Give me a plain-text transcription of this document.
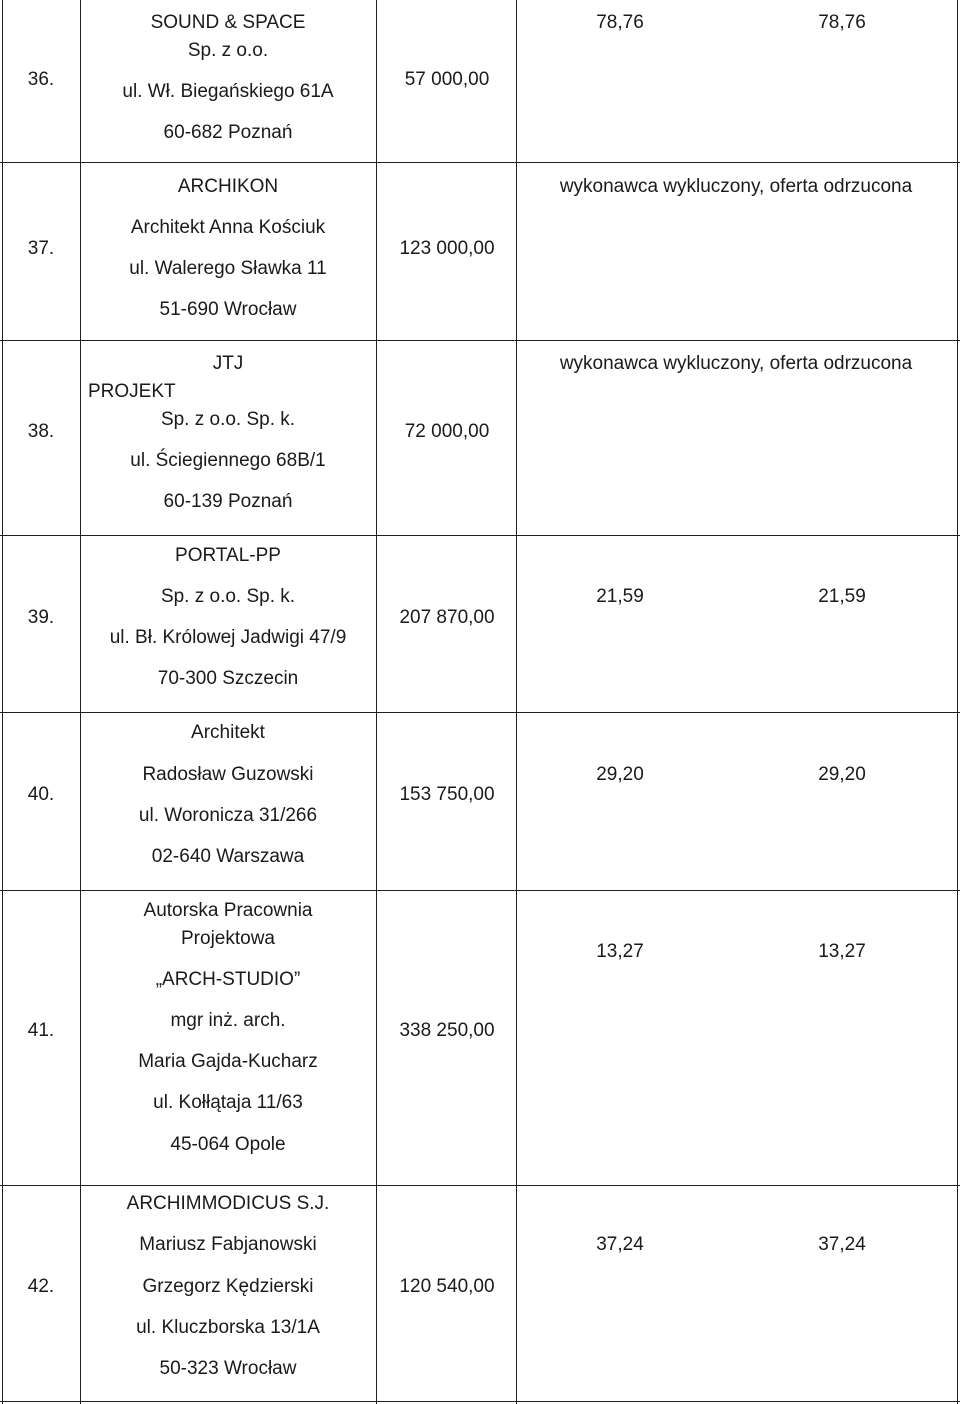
36.
SOUND & SPACE
Sp. z o.o.
ul. Wł. Biegańskiego 61A
60-682 Poznań
57 000,00
78,76	78,76
37.
ARCHIKON
Architekt Anna Kościuk
ul. Walerego Sławka 11
51-690 Wrocław
123 000,00
wykonawca wykluczony, oferta odrzucona
38.
JTJ
PROJEKT
Sp. z o.o. Sp. k.
ul. Ściegiennego 68B/1
60-139 Poznań
72 000,00
wykonawca wykluczony, oferta odrzucona
39.
PORTAL-PP
Sp. z o.o. Sp. k.
ul. Bł. Królowej Jadwigi 47/9
70-300 Szczecin
207 870,00
21,59	21,59
40.
Architekt
Radosław Guzowski
ul. Woronicza 31/266
02-640 Warszawa
153 750,00
29,20	29,20
41.
Autorska Pracownia
Projektowa
„ARCH-STUDIO”
mgr inż. arch.
Maria Gajda-Kucharz
ul. Kołłątaja 11/63
45-064 Opole
338 250,00
13,27	13,27
42.
ARCHIMMODICUS S.J.
Mariusz Fabjanowski
Grzegorz Kędzierski
ul. Kluczborska 13/1A
50-323 Wrocław
120 540,00
37,24	37,24
